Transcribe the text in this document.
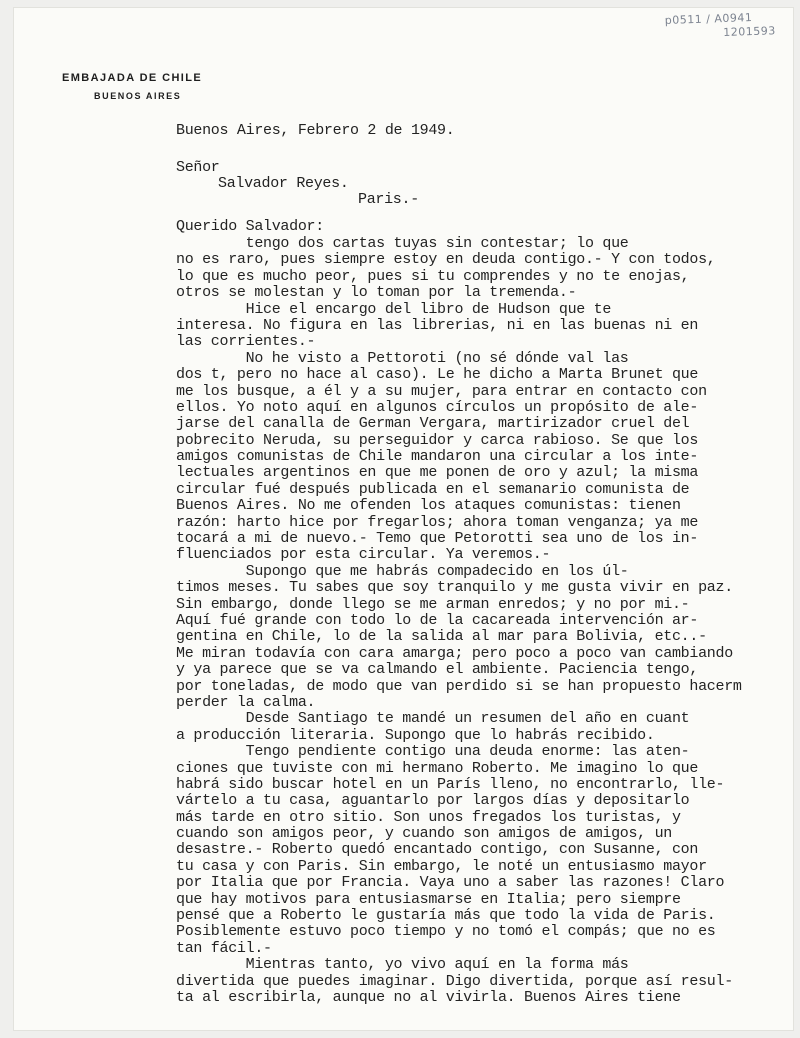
p0511 / A0941
1201593
EMBAJADA DE CHILE
BUENOS AIRES
Buenos Aires, Febrero 2 de 1949.
Señor
Salvador Reyes.
Paris.-
Querido Salvador:
tengo dos cartas tuyas sin contestar; lo que
no es raro, pues siempre estoy en deuda contigo.- Y con todos,
lo que es mucho peor, pues si tu comprendes y no te enojas,
otros se molestan y lo toman por la tremenda.-
Hice el encargo del libro de Hudson que te
interesa. No figura en las librerias, ni en las buenas ni en
las corrientes.-
No he visto a Pettoroti (no sé dónde val las
dos t, pero no hace al caso). Le he dicho a Marta Brunet que
me los busque, a él y a su mujer, para entrar en contacto con
ellos. Yo noto aquí en algunos círculos un propósito de ale-
jarse del canalla de German Vergara, martirizador cruel del
pobrecito Neruda, su perseguidor y carca rabioso. Se que los
amigos comunistas de Chile mandaron una circular a los inte-
lectuales argentinos en que me ponen de oro y azul; la misma
circular fué después publicada en el semanario comunista de
Buenos Aires. No me ofenden los ataques comunistas: tienen
razón: harto hice por fregarlos; ahora toman venganza; ya me
tocará a mi de nuevo.- Temo que Petorotti sea uno de los in-
fluenciados por esta circular. Ya veremos.-
Supongo que me habrás compadecido en los úl-
timos meses. Tu sabes que soy tranquilo y me gusta vivir en paz.
Sin embargo, donde llego se me arman enredos; y no por mi.-
Aquí fué grande con todo lo de la cacareada intervención ar-
gentina en Chile, lo de la salida al mar para Bolivia, etc..-
Me miran todavía con cara amarga; pero poco a poco van cambiando
y ya parece que se va calmando el ambiente. Paciencia tengo,
por toneladas, de modo que van perdido si se han propuesto hacerm
perder la calma.
Desde Santiago te mandé un resumen del año en cuant
a producción literaria. Supongo que lo habrás recibido.
Tengo pendiente contigo una deuda enorme: las aten-
ciones que tuviste con mi hermano Roberto. Me imagino lo que
habrá sido buscar hotel en un París lleno, no encontrarlo, lle-
vártelo a tu casa, aguantarlo por largos días y depositarlo
más tarde en otro sitio. Son unos fregados los turistas, y
cuando son amigos peor, y cuando son amigos de amigos, un
desastre.- Roberto quedó encantado contigo, con Susanne, con
tu casa y con Paris. Sin embargo, le noté un entusiasmo mayor
por Italia que por Francia. Vaya uno a saber las razones! Claro
que hay motivos para entusiasmarse en Italia; pero siempre
pensé que a Roberto le gustaría más que todo la vida de Paris.
Posiblemente estuvo poco tiempo y no tomó el compás; que no es
tan fácil.-
Mientras tanto, yo vivo aquí en la forma más
divertida que puedes imaginar. Digo divertida, porque así resul-
ta al escribirla, aunque no al vivirla. Buenos Aires tiene
